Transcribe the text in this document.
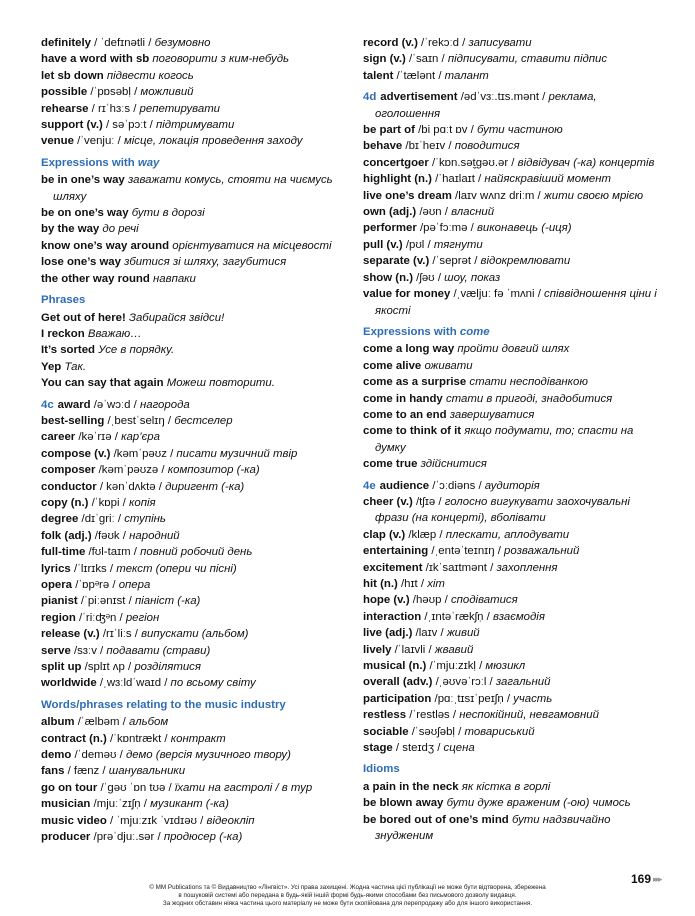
definitely / ˈdefɪnətli / безумовно
have a word with sb поговорити з ким-небудь
let sb down підвести когось
possible /ˈpɒsəbḷ / можливий
rehearse / rɪˈhɜːs / репетирувати
support (v.) / səˈpɔːt / підтримувати
venue /ˈvenjuː / місце, локація проведення заходу
Expressions with way
be in one’s way заважати комусь, стояти на чиємусь шляху
be on one’s way бути в дорозі
by the way до речі
know one’s way around орієнтуватися на місцевості
lose one’s way збитися зі шляху, загубитися
the other way round навпаки
Phrases
Get out of here! Забирайся звідси!
I reckon Вважаю…
It’s sorted Усе в порядку.
Yep Так.
You can say that again Можеш повторити.
4c award /əˈwɔːd / нагорода
best-selling /ˌbestˈselɪŋ / бестселер
career /kəˈrɪə / кар’єра
compose (v.) /kəmˈpəʊz / писати музичний твір
composer /kəmˈpəʊzə / композитор (-ка)
conductor / kənˈdʌktə / диригент (-ка)
copy (n.) /ˈkɒpi / копія
degree /dɪˈgriː / ступінь
folk (adj.) /fəʊk / народний
full-time /fʊl-taɪm / повний робочий день
lyrics /ˈlɪrɪks / текст (опери чи пісні)
opera /ˈɒpᵊrə / опера
pianist /ˈpiːənɪst / піаніст (-ка)
region /ˈriːʤᵊn / регіон
release (v.) /rɪˈliːs / випускати (альбом)
serve /sɜːv / подавати (страви)
split up /splɪt ʌp / розділятися
worldwide /ˌwɜːldˈwaɪd / по всьому світу
Words/phrases relating to the music industry
album /ˈælbəm / альбом
contract (n.) /ˈkɒntrækt / контракт
demo /ˈdeməʊ / демо (версія музичного твору)
fans / fænz / шанувальники
go on tour /ˈgəʊ ˈɒn tʊə / їхати на гастролі / в тур
musician /mjuːˈzɪʃṇ / музикант (-ка)
music video / ˈmjuːzɪk ˈvɪdɪəʊ / відеокліп
producer /prəˈdjuː.sər / продюсер (-ка)
record (v.) /ˈrekɔːd / записувати
sign (v.) /ˈsaɪn / підписувати, ставити підпис
talent /ˈtælənt / талант
4d advertisement /ədˈvɜː.tɪs.mənt / реклама, оголошення
be part of /bi pɑːt ɒv / бути частиною
behave /bɪˈheɪv / поводитися
concertgoer /ˈkɒn.sət̬ɡəʊ.ər / відвідувач (-ка) концертів
highlight (n.) /ˈhaɪlaɪt / найяскравіший момент
live one’s dream /laɪv wʌnz driːm / жити своєю мрією
own (adj.) /əʊn / власний
performer /pəˈfɔːmə / виконавець (-иця)
pull (v.) /pʊl / тягнути
separate (v.) /ˈseprət / відокремлювати
show (n.) /ʃəʊ / шоу, показ
value for money /ˌvæljuː fə ˈmʌni / співвідношення ціни і якості
Expressions with come
come a long way пройти довгий шлях
come alive оживати
come as a surprise стати несподіванкою
come in handy стати в пригоді, знадобитися
come to an end завершуватися
come to think of it якщо подумати, то; спасти на думку
come true здійснитися
4e audience /ˈɔːdiəns / аудиторія
cheer (v.) /tʃɪə / голосно вигукувати заохочувальні фрази (на концерті), вболівати
clap (v.) /klæp / плескати, аплодувати
entertaining /ˌentəˈteɪnɪŋ / розважальний
excitement /ɪkˈsaɪtmənt / захоплення
hit (n.) /hɪt / хіт
hope (v.) /həʊp / сподіватися
interaction /ˌɪntəˈrækʃṇ / взаємодія
live (adj.) /laɪv / живий
lively /ˈlaɪvli / жвавий
musical (n.) /ˈmjuːzɪkḷ / мюзикл
overall (adv.) /ˌəʊvəˈrɔːl / загальний
participation /pɑːˌtɪsɪˈpeɪʃṇ / участь
restless /ˈrestləs / неспокійний, невгамовний
sociable /ˈsəʊʃəbḷ / товариський
stage / steɪdʒ / сцена
Idioms
a pain in the neck як кістка в горлі
be blown away бути дуже враженим (-ою) чимось
be bored out of one’s mind бути надзвичайно знудженим
169 ▸▸▸
© MM Publications та © Видавництво «Лінгвіст». Усі права захищені. Жодна частина цієї публікації не може бути відтворена, збережена
в пошуковій системі або передана в будь-якій іншій формі будь-якими способами без письмового дозволу видавця.
За жодних обставин ніяка частина цього матеріалу не може бути скопійована для перепродажу або для іншого використання.
